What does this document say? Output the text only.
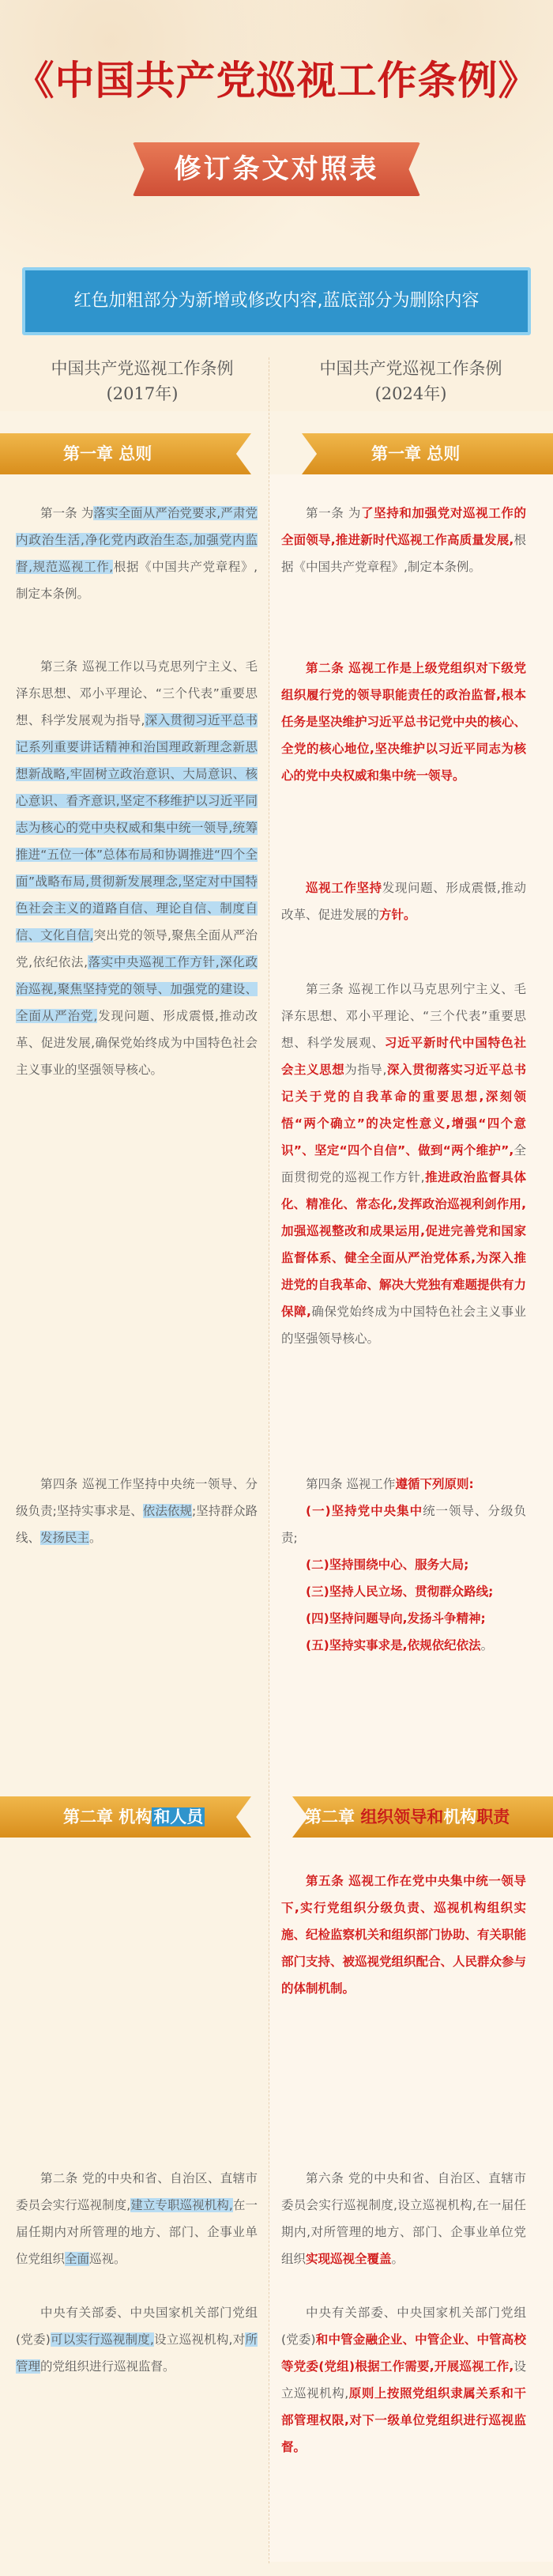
《中国共产党巡视工作条例》
修订条文对照表
红色加粗部分为新增或修改内容,蓝底部分为删除内容
中国共产党巡视工作条例
(2017年)
中国共产党巡视工作条例
(2024年)
第一章 总则	第一章 总则
第一条 为落实全面从严治党要求,严肃党内政治生活,净化党内政治生态,加强党内监督,规范巡视工作,根据《中国共产党章程》,制定本条例。
第三条 巡视工作以马克思列宁主义、毛泽东思想、邓小平理论、“三个代表”重要思想、科学发展观为指导,深入贯彻习近平总书记系列重要讲话精神和治国理政新理念新思想新战略,牢固树立政治意识、大局意识、核心意识、看齐意识,坚定不移维护以习近平同志为核心的党中央权威和集中统一领导,统筹推进“五位一体”总体布局和协调推进“四个全面”战略布局,贯彻新发展理念,坚定对中国特色社会主义的道路自信、理论自信、制度自信、文化自信,突出党的领导,聚焦全面从严治党,依纪依法,落实中央巡视工作方针,深化政治巡视,聚焦坚持党的领导、加强党的建设、全面从严治党,发现问题、形成震慑,推动改革、促进发展,确保党始终成为中国特色社会主义事业的坚强领导核心。
第四条 巡视工作坚持中央统一领导、分级负责;坚持实事求是、依法依规;坚持群众路线、发扬民主。
第二章 机构和人员	第二章 组织领导和机构职责
第二条 党的中央和省、自治区、直辖市委员会实行巡视制度,建立专职巡视机构,在一届任期内对所管理的地方、部门、企事业单位党组织全面巡视。
中央有关部委、中央国家机关部门党组(党委)可以实行巡视制度,设立巡视机构,对所管理的党组织进行巡视监督。
第一条 为了坚持和加强党对巡视工作的全面领导,推进新时代巡视工作高质量发展,根据《中国共产党章程》,制定本条例。
第二条 巡视工作是上级党组织对下级党组织履行党的领导职能责任的政治监督,根本任务是坚决维护习近平总书记党中央的核心、全党的核心地位,坚决维护以习近平同志为核心的党中央权威和集中统一领导。
巡视工作坚持发现问题、形成震慑,推动改革、促进发展的方针。
第三条 巡视工作以马克思列宁主义、毛泽东思想、邓小平理论、“三个代表”重要思想、科学发展观、习近平新时代中国特色社会主义思想为指导,深入贯彻落实习近平总书记关于党的自我革命的重要思想,深刻领悟“两个确立”的决定性意义,增强“四个意识”、坚定“四个自信”、做到“两个维护”,全面贯彻党的巡视工作方针,推进政治监督具体化、精准化、常态化,发挥政治巡视利剑作用,加强巡视整改和成果运用,促进完善党和国家监督体系、健全全面从严治党体系,为深入推进党的自我革命、解决大党独有难题提供有力保障,确保党始终成为中国特色社会主义事业的坚强领导核心。
第四条 巡视工作遵循下列原则:
(一)坚持党中央集中统一领导、分级负责;
(二)坚持围绕中心、服务大局;
(三)坚持人民立场、贯彻群众路线;
(四)坚持问题导向,发扬斗争精神;
(五)坚持实事求是,依规依纪依法。
第五条 巡视工作在党中央集中统一领导下,实行党组织分级负责、巡视机构组织实施、纪检监察机关和组织部门协助、有关职能部门支持、被巡视党组织配合、人民群众参与的体制机制。
第六条 党的中央和省、自治区、直辖市委员会实行巡视制度,设立巡视机构,在一届任期内,对所管理的地方、部门、企事业单位党组织实现巡视全覆盖。
中央有关部委、中央国家机关部门党组(党委)和中管金融企业、中管企业、中管高校等党委(党组)根据工作需要,开展巡视工作,设立巡视机构,原则上按照党组织隶属关系和干部管理权限,对下一级单位党组织进行巡视监督。
